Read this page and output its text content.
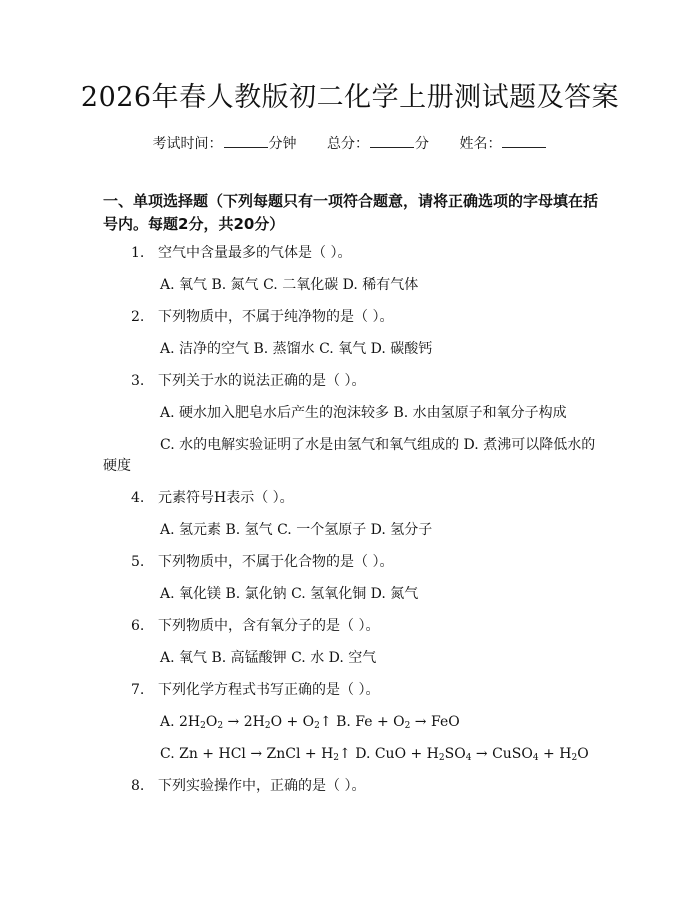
2026年春人教版初二化学上册测试题及答案
考试时间：	分钟 总分：	分 姓名：
一、单项选择题（下列每题只有一项符合题意，请将正确选项的字母填在括号内。每题2分，共20分）
1. 空气中含量最多的气体是（ ）。
A. 氧气 B. 氮气 C. 二氧化碳 D. 稀有气体
2. 下列物质中，不属于纯净物的是（ ）。
A. 洁净的空气 B. 蒸馏水 C. 氧气 D. 碳酸钙
3. 下列关于水的说法正确的是（ ）。
A. 硬水加入肥皂水后产生的泡沫较多 B. 水由氢原子和氧分子构成
C. 水的电解实验证明了水是由氢气和氧气组成的 D. 煮沸可以降低水的
硬度
4. 元素符号H表示（ ）。
A. 氢元素 B. 氢气 C. 一个氢原子 D. 氢分子
5. 下列物质中，不属于化合物的是（ ）。
A. 氧化镁 B. 氯化钠 C. 氢氧化铜 D. 氮气
6. 下列物质中，含有氧分子的是（ ）。
A. 氧气 B. 高锰酸钾 C. 水 D. 空气
7. 下列化学方程式书写正确的是（ ）。
A. $2H_2O_2 \to 2H_2O$ + $O_2↑$ B. $Fe + O_2$ → FeO
C. Zn + HCl → ZnCl + $H_2↑$ D. CuO + $H_2SO_4$ → CuSO$_4$ + $H_2O$
8. 下列实验操作中，正确的是（ ）。
